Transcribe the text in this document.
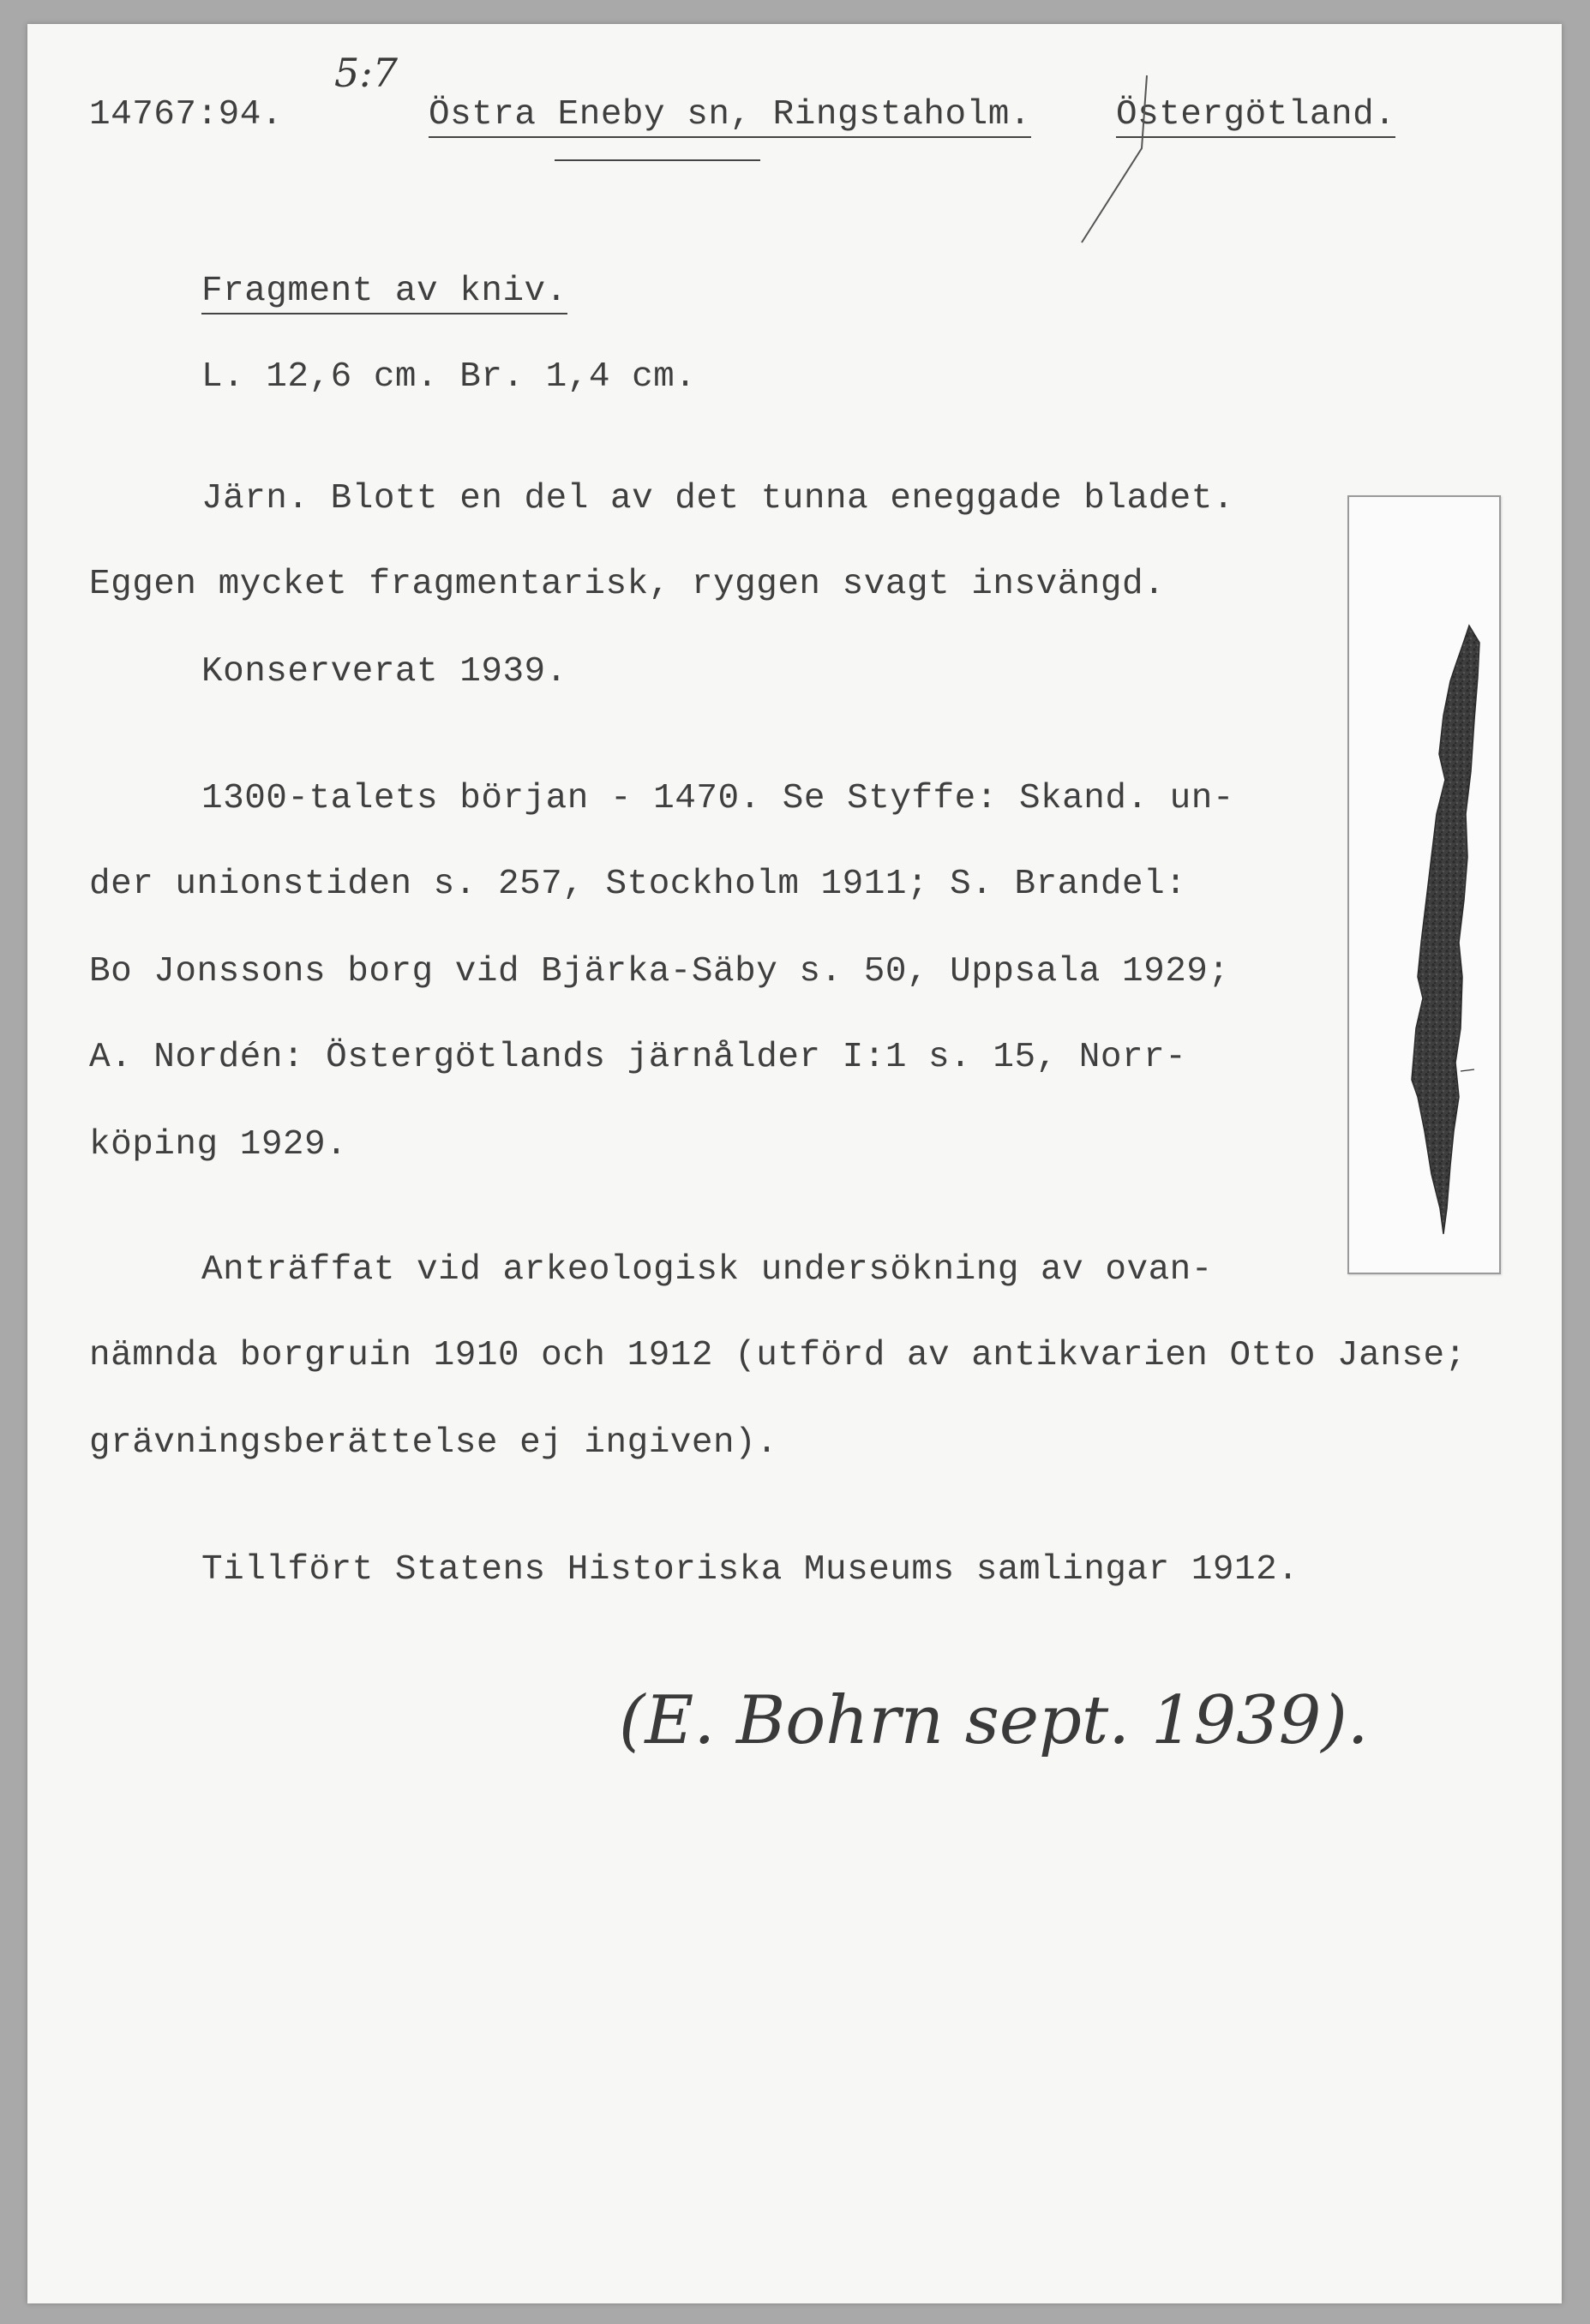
14767:94.
5:7
Östra Eneby sn, Ringstaholm. Östergötland.
Fragment av kniv.
L. 12,6 cm. Br. 1,4 cm.
Järn. Blott en del av det tunna eneggade bladet.
Eggen mycket fragmentarisk, ryggen svagt insvängd.
Konserverat 1939.
1300-talets början - 1470. Se Styffe: Skand. un-
der unionstiden s. 257, Stockholm 1911; S. Brandel:
Bo Jonssons borg vid Bjärka-Säby s. 50, Uppsala 1929;
A. Nordén: Östergötlands järnålder I:1 s. 15, Norr-
köping 1929.
Anträffat vid arkeologisk undersökning av ovan-
nämnda borgruin 1910 och 1912 (utförd av antikvarien Otto Janse;
grävningsberättelse ej ingiven).
Tillfört Statens Historiska Museums samlingar 1912.
(E. Bohrn sept. 1939).
